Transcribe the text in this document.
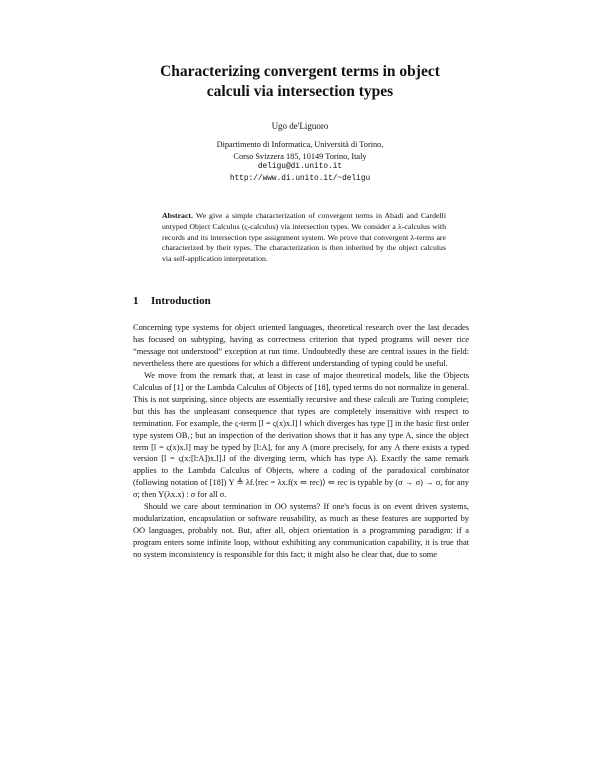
Characterizing convergent terms in object
calculi via intersection types
Ugo de'Liguoro
Dipartimento di Informatica, Università di Torino,
Corso Svizzera 185, 10149 Torino, Italy
deligu@di.unito.it
http://www.di.unito.it/~deligu
Abstract. We give a simple characterization of convergent terms in Abadi and Cardelli untyped Object Calculus (ς-calculus) via intersection types. We consider a λ-calculus with records and its intersection type assignment system. We prove that convergent λ-terms are characterized by their types. The characterization is then inherited by the object calculus via self-application interpretation.
1 Introduction

Concerning type systems for object oriented languages, theoretical research over the last decades has focused on subtyping, having as correctness criterion that typed programs will never rice “message not understood” exception at run time. Undoubtedly these are central issues in the field: nevertheless there are questions for which a different understanding of typing could be useful.

We move from the remark that, at least in case of major theoretical models, like the Objects Calculus of [1] or the Lambda Calculus of Objects of [18], typed terms do not normalize in general. This is not surprising, since objects are essentially recursive and these calculi are Turing complete; but this has the unpleasant consequence that types are completely insensitive with respect to termination. For example, the ς-term [l = ς(x)x.l] l which diverges has type [] in the basic first order type system OB₁; but an inspection of the derivation shows that it has any type A, since the object term [l = ς(x)x.l] may be typed by [l:A], for any A (more precisely, for any A there exists a typed version [l = ς(x:[l:A])x.l].l of the diverging term, which has type A). Exactly the same remark applies to the Lambda Calculus of Objects, where a coding of the paradoxical combinator (following notation of [18]) Y ≜ λf.⟨rec = λx.f(x ⇐ rec)⟩ ⇐ rec is typable by (σ → σ) → σ, for any σ; then Y(λx.x) : σ for all σ.

Should we care about termination in OO systems? If one's focus is on event driven systems, modularization, encapsulation or software reusability, as much as these features are supported by OO languages, probably not. But, after all, object orientation is a programming paradigm: if a program enters some infinite loop, without exhibiting any communication capability, it is true that no system inconsistency is responsible for this fact; it might also be clear that, due to some
